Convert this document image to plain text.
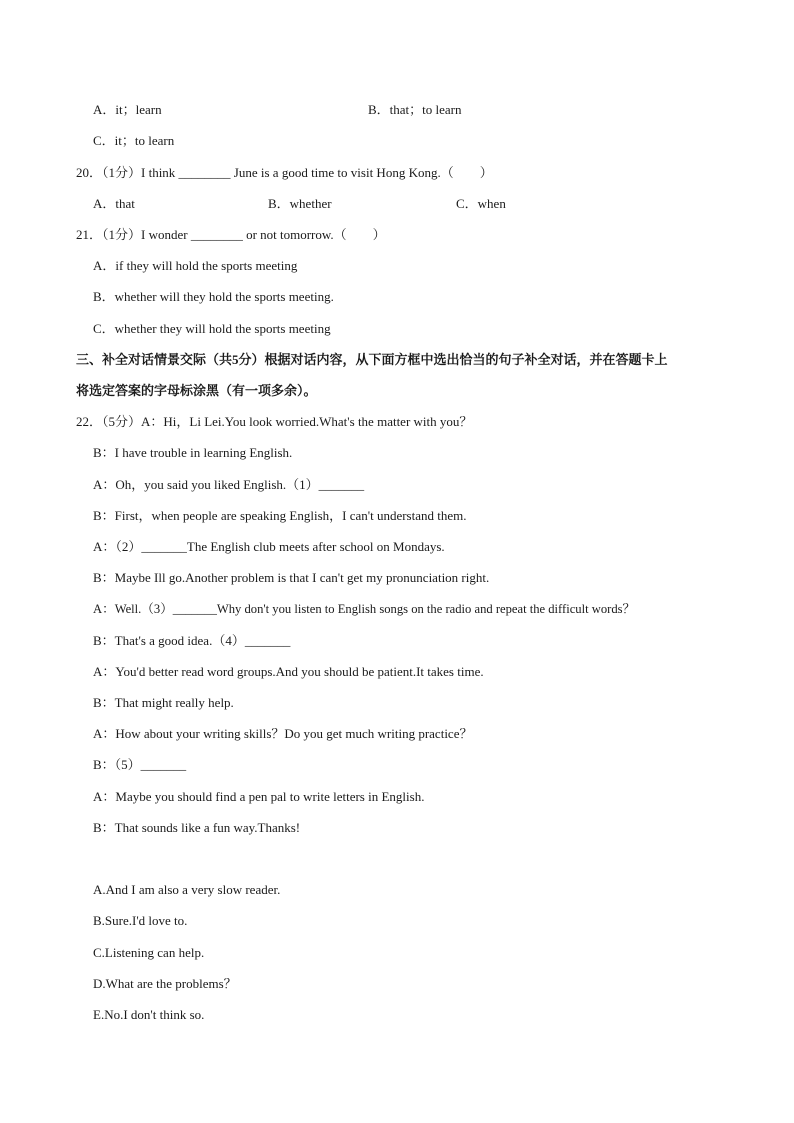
A．it；learn	B．that；to learn
C．it；to learn
20．（1分）I think ________ June is a good time to visit Hong Kong.（　　）
A．that	B．whether	C．when
21．（1分）I wonder ________ or not tomorrow.（　　）
A．if they will hold the sports meeting
B．whether will they hold the sports meeting.
C．whether they will hold the sports meeting
三、补全对话情景交际（共5分）根据对话内容，从下面方框中选出恰当的句子补全对话，并在答题卡上
将选定答案的字母标涂黑（有一项多余）。
22．（5分）A：Hi，Li Lei.You look worried.What's the matter with you？
B：I have trouble in learning English.
A：Oh，you said you liked English.（1）_______
B：First，when people are speaking English，I can't understand them.
A：（2）_______The English club meets after school on Mondays.
B：Maybe Ill go.Another problem is that I can't get my pronunciation right.
A：Well.（3）_______Why don't you listen to English songs on the radio and repeat the difficult words？
B：That's a good idea.（4）_______
A：You'd better read word groups.And you should be patient.It takes time.
B：That might really help.
A：How about your writing skills？Do you get much writing practice？
B：（5）_______
A：Maybe you should find a pen pal to write letters in English.
B：That sounds like a fun way.Thanks!
A.And I am also a very slow reader.
B.Sure.I'd love to.
C.Listening can help.
D.What are the problems？
E.No.I don't think so.
